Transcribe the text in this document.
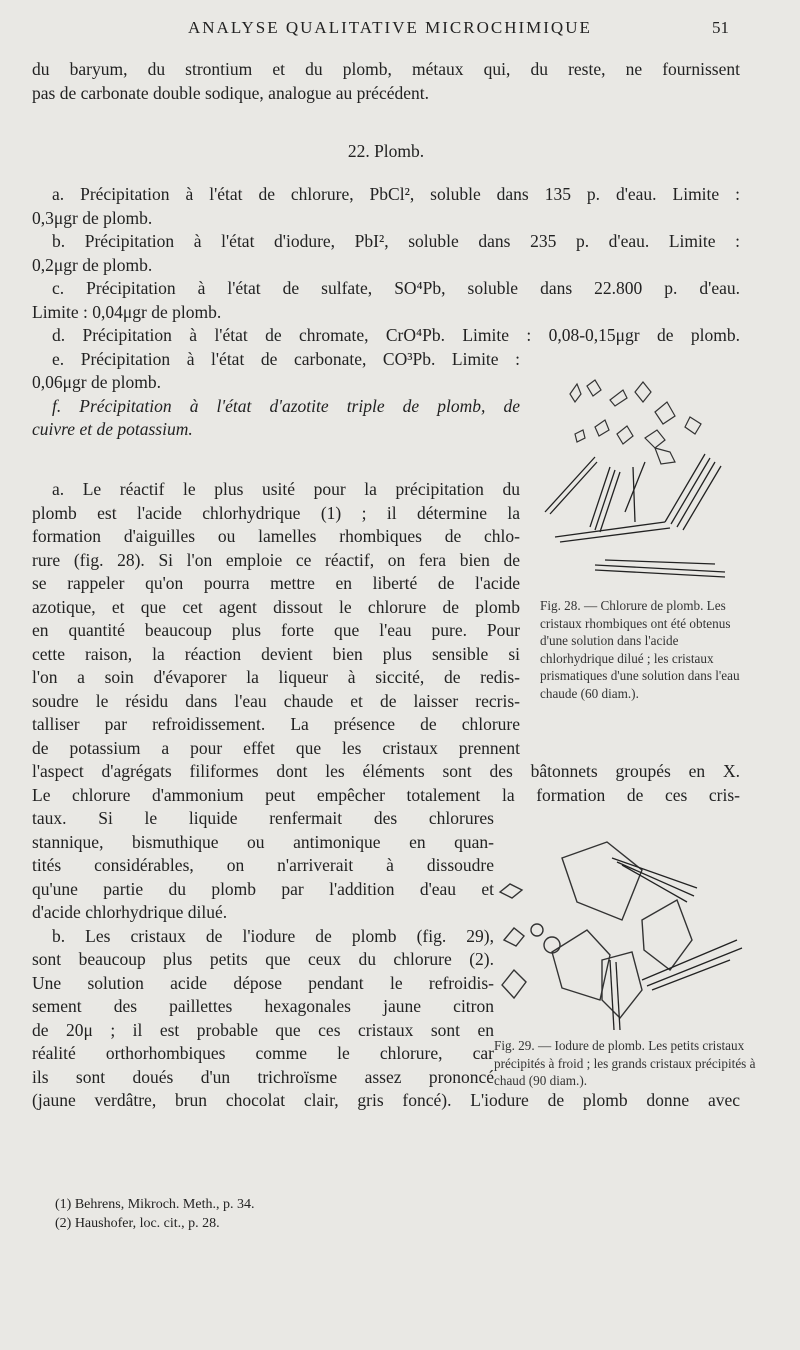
ANALYSE QUALITATIVE MICROCHIMIQUE	51
du baryum, du strontium et du plomb, métaux qui, du reste, ne fournissent
pas de carbonate double sodique, analogue au précédent.
22. Plomb.
a. Précipitation à l'état de chlorure, PbCl², soluble dans 135 p. d'eau. Limite :
0,3μgr de plomb.
b. Précipitation à l'état d'iodure, PbI², soluble dans 235 p. d'eau. Limite :
0,2μgr de plomb.
c. Précipitation à l'état de sulfate, SO⁴Pb, soluble dans 22.800 p. d'eau.
Limite : 0,04μgr de plomb.
d. Précipitation à l'état de chromate, CrO⁴Pb. Limite : 0,08-0,15μgr de plomb.
e. Précipitation à l'état de carbonate, CO³Pb. Limite :
0,06μgr de plomb.
f. Précipitation à l'état d'azotite triple de plomb, de
cuivre et de potassium.
a. Le réactif le plus usité pour la précipitation du
plomb est l'acide chlorhydrique (1) ; il détermine la
formation d'aiguilles ou lamelles rhombiques de chlo-
rure (fig. 28). Si l'on emploie ce réactif, on fera bien de
se rappeler qu'on pourra mettre en liberté de l'acide
azotique, et que cet agent dissout le chlorure de plomb
en quantité beaucoup plus forte que l'eau pure. Pour
cette raison, la réaction devient bien plus sensible si
l'on a soin d'évaporer la liqueur à siccité, de redis-
soudre le résidu dans l'eau chaude et de laisser recris-
talliser par refroidissement. La présence de chlorure
de potassium a pour effet que les cristaux prennent
l'aspect d'agrégats filiformes dont les éléments sont des bâtonnets groupés en X.
Le chlorure d'ammonium peut empêcher totalement la formation de ces cris-
taux. Si le liquide renfermait des chlorures
stannique, bismuthique ou antimonique en quan-
tités considérables, on n'arriverait à dissoudre
qu'une partie du plomb par l'addition d'eau et
d'acide chlorhydrique dilué.
b. Les cristaux de l'iodure de plomb (fig. 29),
sont beaucoup plus petits que ceux du chlorure (2).
Une solution acide dépose pendant le refroidis-
sement des paillettes hexagonales jaune citron
de 20μ ; il est probable que ces cristaux sont en
réalité orthorhombiques comme le chlorure, car
ils sont doués d'un trichroïsme assez prononcé
(jaune verdâtre, brun chocolat clair, gris foncé). L'iodure de plomb donne avec
(1) Behrens, Mikroch. Meth., p. 34.
(2) Haushofer, loc. cit., p. 28.
Fig. 28. — Chlorure de plomb. Les cristaux rhombiques ont été obtenus d'une solution dans l'acide chlorhydrique dilué ; les cristaux prismatiques d'une solution dans l'eau chaude (60 diam.).
Fig. 29. — Iodure de plomb. Les petits cristaux précipités à froid ; les grands cristaux précipités à chaud (90 diam.).
